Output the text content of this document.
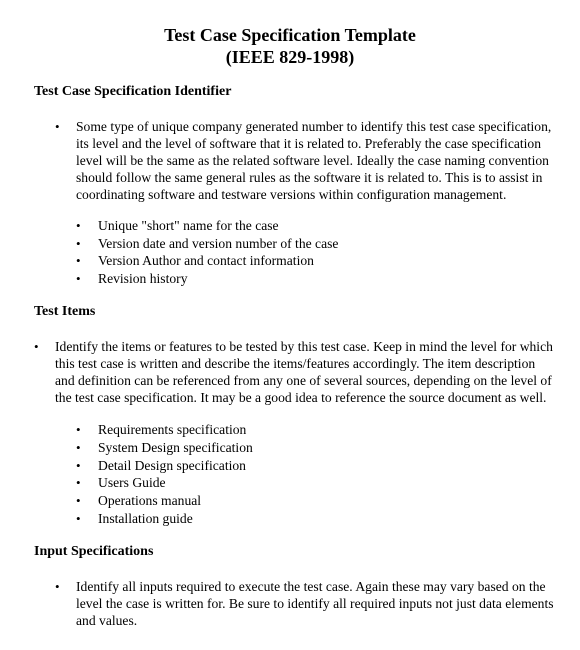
Test Case Specification Template
(IEEE 829-1998)
Test Case Specification Identifier
• Some type of unique company generated number to identify this test case specification, its level and the level of software that it is related to. Preferably the case specification level will be the same as the related software level. Ideally the case naming convention should follow the same general rules as the software it is related to. This is to assist in coordinating software and testware versions within configuration management.
• Unique "short" name for the case
• Version date and version number of the case
• Version Author and contact information
• Revision history
Test Items
• Identify the items or features to be tested by this test case. Keep in mind the level for which this test case is written and describe the items/features accordingly. The item description and definition can be referenced from any one of several sources, depending on the level of the test case specification. It may be a good idea to reference the source document as well.
• Requirements specification
• System Design specification
• Detail Design specification
• Users Guide
• Operations manual
• Installation guide
Input Specifications
• Identify all inputs required to execute the test case. Again these may vary based on the level the case is written for. Be sure to identify all required inputs not just data elements and values.
